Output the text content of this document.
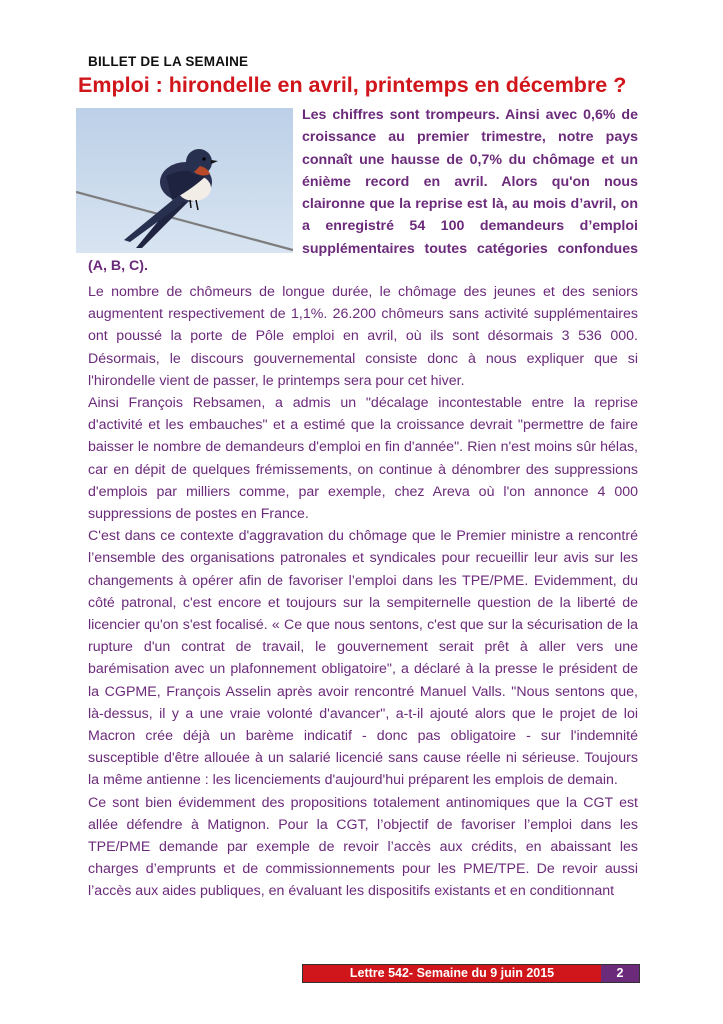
BILLET DE LA SEMAINE
Emploi : hirondelle en avril, printemps en décembre ?
Les chiffres sont trompeurs. Ainsi avec 0,6% de croissance au premier trimestre, notre pays connaît une hausse de 0,7% du chômage et un énième record en avril. Alors qu'on nous claironne que la reprise est là, au mois d’avril, on a enregistré 54 100 demandeurs d’emploi supplémentaires toutes catégories confondues
(A, B, C).

Le nombre de chômeurs de longue durée, le chômage des jeunes et des seniors augmentent respectivement de 1,1%. 26.200 chômeurs sans activité supplémentaires ont poussé la porte de Pôle emploi en avril, où ils sont désormais 3 536 000. Désormais, le discours gouvernemental consiste donc à nous expliquer que si l'hirondelle vient de passer, le printemps sera pour cet hiver.

Ainsi François Rebsamen, a admis un "décalage incontestable entre la reprise d'activité et les embauches" et a estimé que la croissance devrait "permettre de faire baisser le nombre de demandeurs d'emploi en fin d'année". Rien n'est moins sûr hélas, car en dépit de quelques frémissements, on continue à dénombrer des suppressions d'emplois par milliers comme, par exemple, chez Areva où l'on annonce 4 000 suppressions de postes en France.

C'est dans ce contexte d'aggravation du chômage que le Premier ministre a rencontré l’ensemble des organisations patronales et syndicales pour recueillir leur avis sur les changements à opérer afin de favoriser l’emploi dans les TPE/PME. Evidemment, du côté patronal, c'est encore et toujours sur la sempiternelle question de la liberté de licencier qu'on s'est focalisé. « Ce que nous sentons, c'est que sur la sécurisation de la rupture d'un contrat de travail, le gouvernement serait prêt à aller vers une barémisation avec un plafonnement obligatoire", a déclaré à la presse le président de la CGPME, François Asselin après avoir rencontré Manuel Valls. "Nous sentons que, là-dessus, il y a une vraie volonté d'avancer", a-t-il ajouté alors que le projet de loi Macron crée déjà un barème indicatif - donc pas obligatoire - sur l'indemnité susceptible d'être allouée à un salarié licencié sans cause réelle ni sérieuse. Toujours la même antienne : les licenciements d'aujourd'hui préparent les emplois de demain.

Ce sont bien évidemment des propositions totalement antinomiques que la CGT est allée défendre à Matignon. Pour la CGT, l’objectif de favoriser l’emploi dans les TPE/PME demande par exemple de revoir l’accès aux crédits, en abaissant les charges d’emprunts et de commissionnements pour les PME/TPE. De revoir aussi l’accès aux aides publiques, en évaluant les dispositifs existants et en conditionnant

Lettre 542- Semaine du 9 juin 2015	2
